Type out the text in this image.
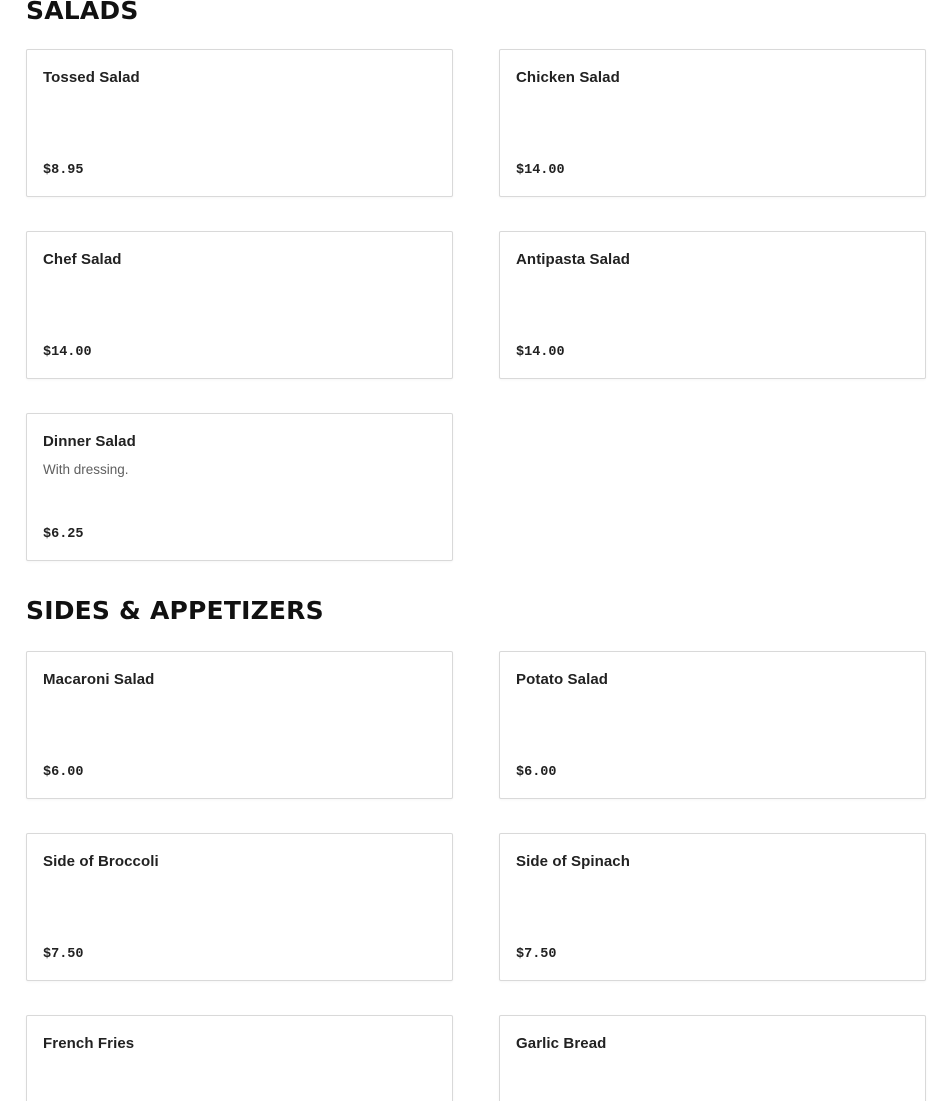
SALADS
Tossed Salad
$8.95
Chicken Salad
$14.00
Chef Salad
$14.00
Antipasta Salad
$14.00
Dinner Salad
With dressing.
$6.25
SIDES & APPETIZERS
Macaroni Salad
$6.00
Potato Salad
$6.00
Side of Broccoli
$7.50
Side of Spinach
$7.50
French Fries	Garlic Bread
